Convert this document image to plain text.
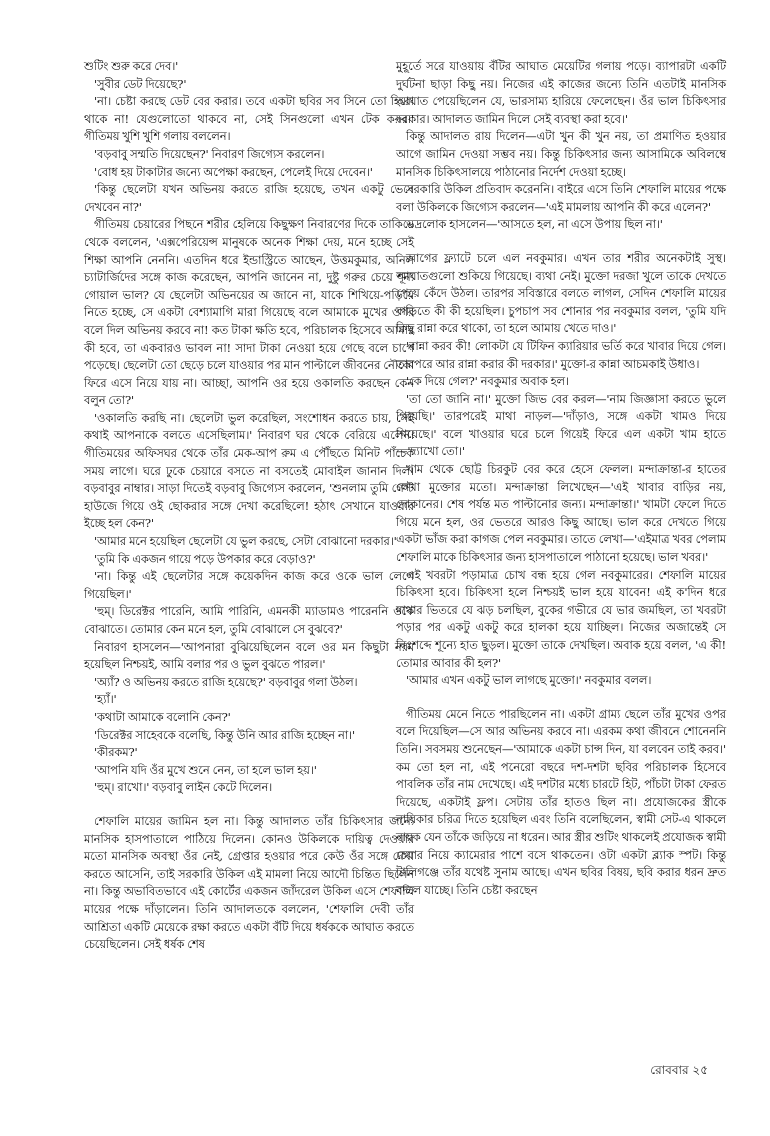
শুটিং শুরু করে দেব।'

'সুবীর ডেট দিয়েছে?'

'না। চেষ্টা করছে ডেট বের করার। তবে একটা ছবির সব সিনে তো হিরো থাকে না! যেগুলোতো থাকবে না, সেই সিনগুলো এখন টেক করব।' গীতিময় খুশি খুশি গলায় বললেন।

'বড়বাবু সম্মতি দিয়েছেন?' নিবারণ জিগ্যেস করলেন।

'বোধ হয় টাকাটার জন্যে অপেক্ষা করছেন, পেলেই দিয়ে দেবেন।'

'কিন্তু ছেলেটা যখন অভিনয় করতে রাজি হয়েছে, তখন একটু ভেবে দেখবেন না?'

গীতিময় চেয়ারের পিছনে শরীর হেলিয়ে কিছুক্ষণ নিবারণের দিকে তাকিয়ে থেকে বললেন, 'এক্সপেরিয়েন্স মানুষকে অনেক শিক্ষা দেয়, মনে হচ্ছে সেই শিক্ষা আপনি নেননি। এতদিন ধরে ইন্ডাস্ট্রিতে আছেন, উত্তমকুমার, অনিল চ্যাটার্জিদের সঙ্গে কাজ করেছেন, আপনি জানেন না, দুষ্টু গরুর চেয়ে শূন্য গোয়াল ভাল? যে ছেলেটা অভিনয়ের অ জানে না, যাকে শিখিয়ে-পড়িয়ে নিতে হচ্ছে, সে একটা বেশ্যামাগি মারা গিয়েছে বলে আমাকে মুখের ওপর বলে দিল অভিনয় করবে না! কত টাকা ক্ষতি হবে, পরিচালক হিসেবে আমার কী হবে, তা একবারও ভাবল না! সাদা টাকা নেওয়া হয়ে গেছে বলে চাপে পড়েছে। ছেলেটা তো ছেড়ে চলে যাওয়ার পর মান পাল্টালে জীবনের নৌকো ফিরে এসে নিয়ে যায় না। আচ্ছা, আপনি ওর হয়ে ওকালতি করছেন কেন বলুন তো?'

'ওকালতি করছি না। ছেলেটা ভুল করেছিল, সংশোধন করতে চায়, সেই কথাই আপনাকে বলতে এসেছিলাম।' নিবারণ ঘর থেকে বেরিয়ে এলেন। গীতিময়ের অফিসঘর থেকে তাঁর মেক-আপ রুম এ পৌঁছতে মিনিট পাঁচেক সময় লাগে। ঘরে ঢুকে চেয়ারে বসতে না বসতেই মোবাইল জানান দিল। বড়বাবুর নাম্বার। সাড়া দিতেই বড়বাবু জিগ্যেস করলেন, 'শুনলাম তুমি গেস্ট হাউজে গিয়ে ওই ছোকরার সঙ্গে দেখা করেছিলে! হঠাৎ সেখানে যাওয়ার ইচ্ছে হল কেন?'

'আমার মনে হয়েছিল ছেলেটা যে ভুল করছে, সেটা বোঝানো দরকার।'

'তুমি কি একজন গায়ে পড়ে উপকার করে বেড়াও?'

'না। কিন্তু এই ছেলেটার সঙ্গে কয়েকদিন কাজ করে ওকে ভাল লেগে গিয়েছিল।'

'হুম্। ডিরেক্টর পারেনি, আমি পারিনি, এমনকী ম্যাডামও পারেননি ওকে বোঝাতে। তোমার কেন মনে হল, তুমি বোঝালে সে বুঝবে?'

নিবারণ হাসলেন—'আপনারা বুঝিয়েছিলেন বলে ওর মন কিছুটা নরম হয়েছিল নিশ্চয়ই, আমি বলার পর ও ভুল বুঝতে পারল।'

'অ্যাঁ? ও অভিনয় করতে রাজি হয়েছে?' বড়বাবুর গলা উঠল।

'হ্যাঁ।'

'কথাটা আমাকে বলোনি কেন?'

'ডিরেক্টর সাহেবকে বলেছি, কিন্তু উনি আর রাজি হচ্ছেন না।'

'কীরকম?'

'আপনি যদি ওঁর মুখে শুনে নেন, তা হলে ভাল হয়।'

'হুম্। রাখো।' বড়বাবু লাইন কেটে দিলেন।

শেফালি মায়ের জামিন হল না। কিন্তু আদালত তাঁর চিকিৎসার জন্যে মানসিক হাসপাতালে পাঠিয়ে দিলেন। কোনও উকিলকে দায়িত্ব দেওয়ার মতো মানসিক অবস্থা ওঁর নেই, গ্রেপ্তার হওয়ার পরে কেউ ওঁর সঙ্গে দেখা করতে আসেনি, তাই সরকারি উকিল এই মামলা নিয়ে আদৌ চিন্তিত ছিলেন না। কিন্তু অভাবিতভাবে এই কোর্টের একজন জাঁদরেল উকিল এসে শেফালি মায়ের পক্ষে দাঁড়ালেন। তিনি আদালতকে বললেন, 'শেফালি দেবী তাঁর আশ্রিতা একটি মেয়েকে রক্ষা করতে একটা বঁটি দিয়ে ধর্ষককে আঘাত করতে চেয়েছিলেন। সেই ধর্ষক শেষ

মুহূর্তে সরে যাওয়ায় বঁটির আঘাত মেয়েটির গলায় পড়ে। ব্যাপারটা একটি দুর্ঘটনা ছাড়া কিছু নয়। নিজের এই কাজের জন্যে তিনি এতটাই মানসিক আঘাত পেয়েছিলেন যে, ভারসাম্য হারিয়ে ফেলেছেন। ওঁর ভাল চিকিৎসার দরকার। আদালত জামিন দিলে সেই ব্যবস্থা করা হবে।'

কিন্তু আদালত রায় দিলেন—এটা খুন কী খুন নয়, তা প্রমাণিত হওয়ার আগে জামিন দেওয়া সম্ভব নয়। কিন্তু চিকিৎসার জন্য আসামিকে অবিলম্বে মানসিক চিকিৎসালয়ে পাঠানোর নির্দেশ দেওয়া হচ্ছে।

সরকারি উকিল প্রতিবাদ করেননি। বাইরে এসে তিনি শেফালি মায়ের পক্ষে বলা উকিলকে জিগ্যেস করলেন—'এই মামলায় আপনি কী করে এলেন?'

ভদ্রলোক হাসলেন—'আসতে হল, না এসে উপায় ছিল না।'

আগের ফ্ল্যাটে চলে এল নবকুমার। এখন তার শরীর অনেকটাই সুস্থ। আঘাতগুলো শুকিয়ে গিয়েছে। ব্যথা নেই। মুক্তো দরজা খুলে তাকে দেখতে পেয়ে কেঁদে উঠল। তারপর সবিস্তারে বলতে লাগল, সেদিন শেফালি মায়ের বাড়িতে কী কী হয়েছিল। চুপচাপ সব শোনার পর নবকুমার বলল, 'তুমি যদি কিছু রান্না করে থাকো, তা হলে আমায় খেতে দাও।'

'রান্না করব কী! লোকটা যে টিফিন ক্যারিয়ার ভর্তি করে খাবার দিয়ে গেল। তারপরে আর রান্না করার কী দরকার।' মুক্তো-র কান্না আচমকাই উধাও।

'কে দিয়ে গেল?' নবকুমার অবাক হল।

'তা তো জানি না।' মুক্তো জিভ বের করল—'নাম জিজ্ঞাসা করতে ভুলে গিয়েছি।' তারপরেই মাথা নাড়ল—'দাঁড়াও, সঙ্গে একটা খামও দিয়ে গিয়েছে।' বলে খাওয়ার ঘরে চলে গিয়েই ফিরে এল একটা খাম হাতে—'দ্যাখো তো।'

খাম থেকে ছোট্ট চিরকুট বের করে হেসে ফেলল। মন্দাক্রান্তা-র হাতের লেখা মুক্তোর মতো। মন্দাক্রান্তা লিখেছেন—'এই খাবার বাড়ির নয়, দোকানের। শেষ পর্যন্ত মত পাল্টানোর জন্য। মন্দাক্রান্তা।' খামটা ফেলে দিতে গিয়ে মনে হল, ওর ভেতরে আরও কিছু আছে। ভাল করে দেখতে গিয়ে একটা ভাঁজ করা কাগজ পেল নবকুমার। তাতে লেখা—'এইমাত্র খবর পেলাম শেফালি মাকে চিকিৎসার জন্য হাসপাতালে পাঠানো হয়েছে। ভাল খবর।'

এই খবরটা পড়ামাত্র চোখ বন্ধ হয়ে গেল নবকুমারের। শেফালি মায়ের চিকিৎসা হবে। চিকিৎসা হলে নিশ্চয়ই ভাল হয়ে যাবেন! এই ক'দিন ধরে মাথার ভিতরে যে ঝড় চলছিল, বুকের গভীরে যে ভার জমছিল, তা খবরটা পড়ার পর একটু একটু করে হালকা হয়ে যাচ্ছিল। নিজের অজান্তেই সে নিঃশব্দে শূন্যে হাত ছুড়ল। মুক্তো তাকে দেখছিল। অবাক হয়ে বলল, 'এ কী! তোমার আবার কী হল?'

'আমার এখন একটু ভাল লাগছে মুক্তো।' নবকুমার বলল।

গীতিময় মেনে নিতে পারছিলেন না। একটা গ্রাম্য ছেলে তাঁর মুখের ওপর বলে দিয়েছিল—সে আর অভিনয় করবে না। এরকম কথা জীবনে শোনেননি তিনি। সবসময় শুনেছেন—'আমাকে একটা চান্স দিন, যা বলবেন তাই করব।' কম তো হল না, এই পনেরো বছরে দশ-দশটা ছবির পরিচালক হিসেবে পাবলিক তাঁর নাম দেখেছে। এই দশটার মধ্যে চারটে হিট, পাঁচটা টাকা ফেরত দিয়েছে, একটাই ফ্লপ। সেটায় তাঁর হাতও ছিল না। প্রযোজকের স্ত্রীকে নায়িকার চরিত্র দিতে হয়েছিল এবং তিনি বলেছিলেন, স্বামী সেট-এ থাকলে নায়ক যেন তাঁকে জড়িয়ে না ধরেন। আর স্ত্রীর শুটিং থাকলেই প্রযোজক স্বামী চেয়ার নিয়ে ক্যামেরার পাশে বসে থাকতেন। ওটা একটা ব্ল্যাক স্পট। কিন্তু টালিগঞ্জে তাঁর যথেষ্ট সুনাম আছে। এখন ছবির বিষয়, ছবি করার ধরন দ্রুত বদলে যাচ্ছে। তিনি চেষ্টা করছেন

রোববার ২৫
